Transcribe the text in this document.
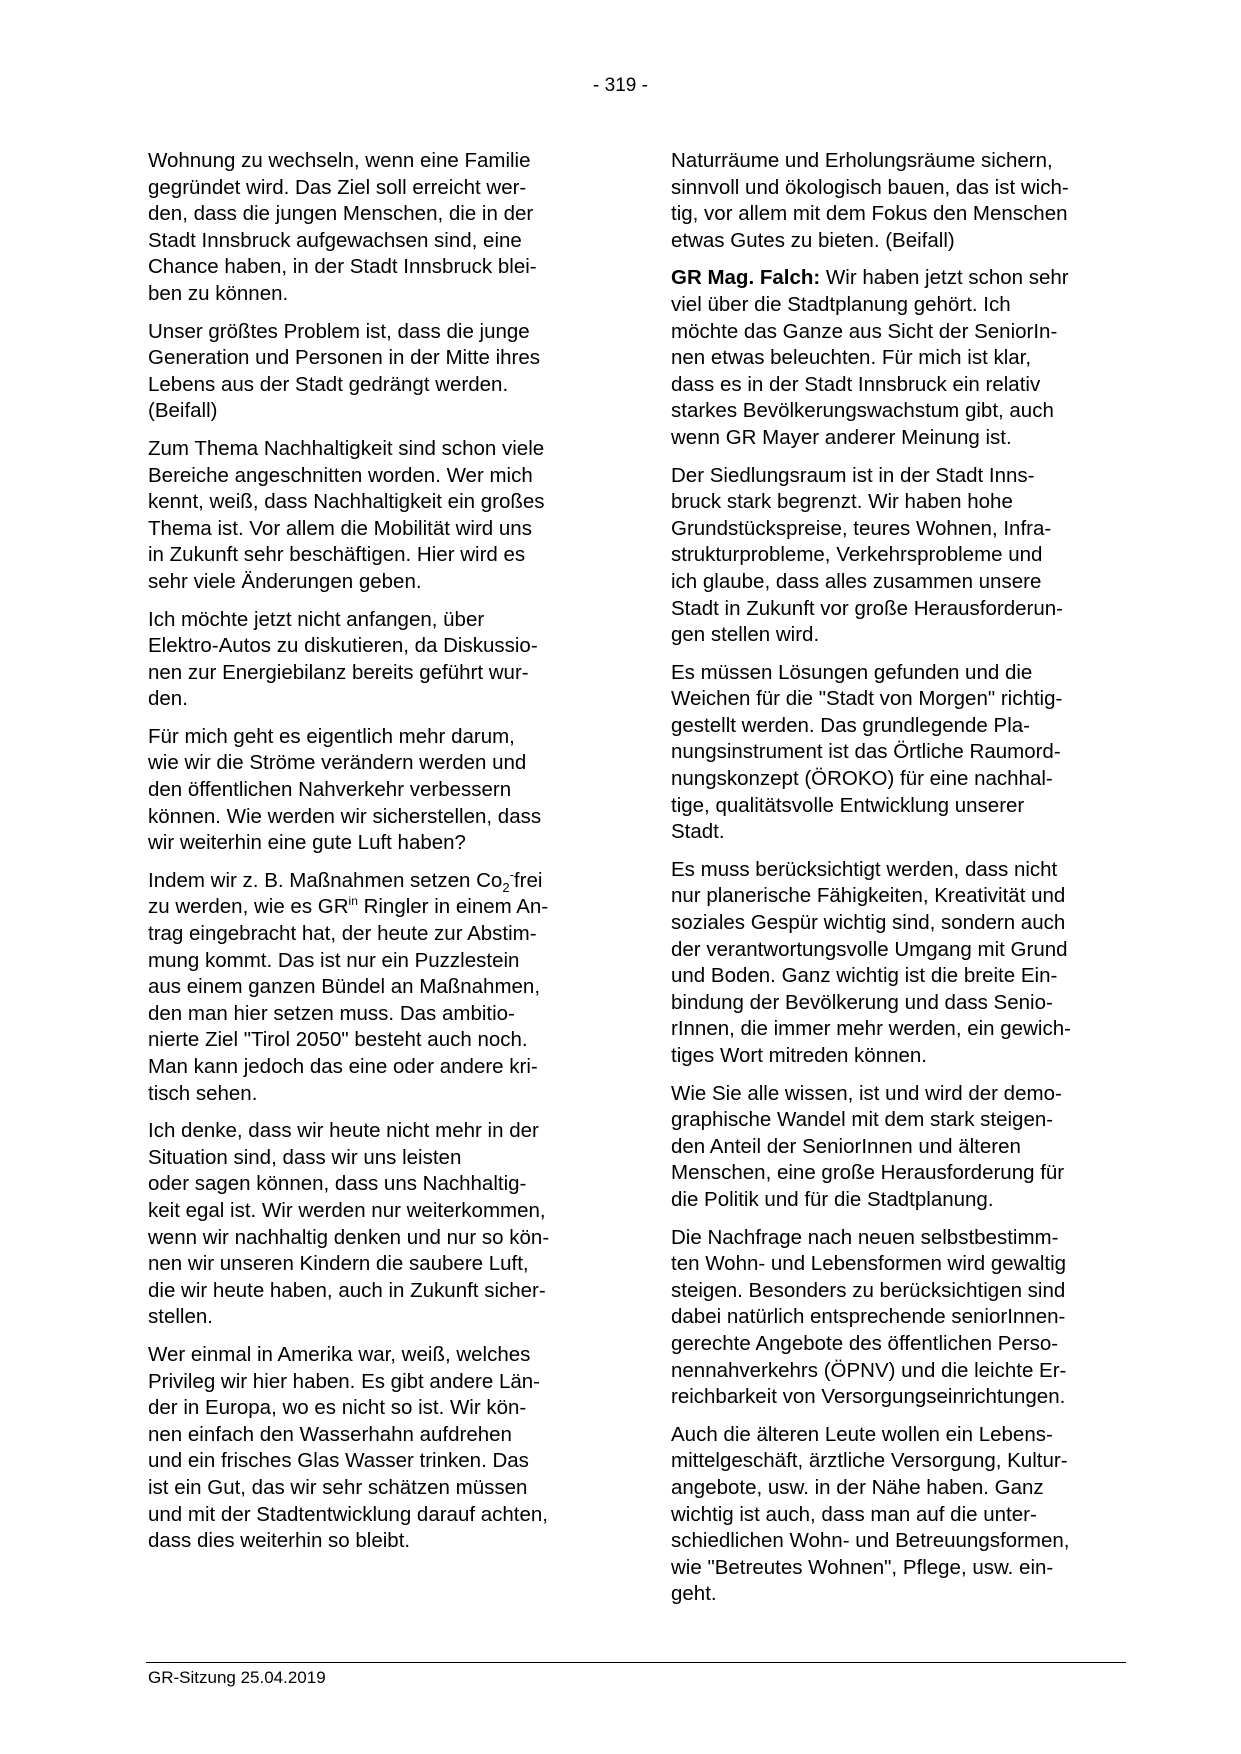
- 319 -

Wohnung zu wechseln, wenn eine Familie
gegründet wird. Das Ziel soll erreicht wer-
den, dass die jungen Menschen, die in der
Stadt Innsbruck aufgewachsen sind, eine
Chance haben, in der Stadt Innsbruck blei-
ben zu können.

Unser größtes Problem ist, dass die junge
Generation und Personen in der Mitte ihres
Lebens aus der Stadt gedrängt werden.
(Beifall)

Zum Thema Nachhaltigkeit sind schon viele
Bereiche angeschnitten worden. Wer mich
kennt, weiß, dass Nachhaltigkeit ein großes
Thema ist. Vor allem die Mobilität wird uns
in Zukunft sehr beschäftigen. Hier wird es
sehr viele Änderungen geben.

Ich möchte jetzt nicht anfangen, über
Elektro-Autos zu diskutieren, da Diskussio-
nen zur Energiebilanz bereits geführt wur-
den.

Für mich geht es eigentlich mehr darum,
wie wir die Ströme verändern werden und
den öffentlichen Nahverkehr verbessern
können. Wie werden wir sicherstellen, dass
wir weiterhin eine gute Luft haben?

Indem wir z. B. Maßnahmen setzen $Co_2^-frei$
zu werden, wie es $GR^{in}$ Ringler in einem An-
trag eingebracht hat, der heute zur Abstim-
mung kommt. Das ist nur ein Puzzlestein
aus einem ganzen Bündel an Maßnahmen,
den man hier setzen muss. Das ambitio-
nierte Ziel "Tirol 2050" besteht auch noch.
Man kann jedoch das eine oder andere kri-
tisch sehen.

Ich denke, dass wir heute nicht mehr in der
Situation sind, dass wir uns leisten
oder sagen können, dass uns Nachhaltig-
keit egal ist. Wir werden nur weiterkommen,
wenn wir nachhaltig denken und nur so kön-
nen wir unseren Kindern die saubere Luft,
die wir heute haben, auch in Zukunft sicher-
stellen.

Wer einmal in Amerika war, weiß, welches
Privileg wir hier haben. Es gibt andere Län-
der in Europa, wo es nicht so ist. Wir kön-
nen einfach den Wasserhahn aufdrehen
und ein frisches Glas Wasser trinken. Das
ist ein Gut, das wir sehr schätzen müssen
und mit der Stadtentwicklung darauf achten,
dass dies weiterhin so bleibt.

Naturräume und Erholungsräume sichern,
sinnvoll und ökologisch bauen, das ist wich-
tig, vor allem mit dem Fokus den Menschen
etwas Gutes zu bieten. (Beifall)

GR Mag. Falch: Wir haben jetzt schon sehr
viel über die Stadtplanung gehört. Ich
möchte das Ganze aus Sicht der SeniorIn-
nen etwas beleuchten. Für mich ist klar,
dass es in der Stadt Innsbruck ein relativ
starkes Bevölkerungswachstum gibt, auch
wenn GR Mayer anderer Meinung ist.

Der Siedlungsraum ist in der Stadt Inns-
bruck stark begrenzt. Wir haben hohe
Grundstückspreise, teures Wohnen, Infra-
strukturprobleme, Verkehrsprobleme und
ich glaube, dass alles zusammen unsere
Stadt in Zukunft vor große Herausforderun-
gen stellen wird.

Es müssen Lösungen gefunden und die
Weichen für die "Stadt von Morgen" richtig-
gestellt werden. Das grundlegende Pla-
nungsinstrument ist das Örtliche Raumord-
nungskonzept (ÖROKO) für eine nachhal-
tige, qualitätsvolle Entwicklung unserer
Stadt.

Es muss berücksichtigt werden, dass nicht
nur planerische Fähigkeiten, Kreativität und
soziales Gespür wichtig sind, sondern auch
der verantwortungsvolle Umgang mit Grund
und Boden. Ganz wichtig ist die breite Ein-
bindung der Bevölkerung und dass Senio-
rInnen, die immer mehr werden, ein gewich-
tiges Wort mitreden können.

Wie Sie alle wissen, ist und wird der demo-
graphische Wandel mit dem stark steigen-
den Anteil der SeniorInnen und älteren
Menschen, eine große Herausforderung für
die Politik und für die Stadtplanung.

Die Nachfrage nach neuen selbstbestimm-
ten Wohn- und Lebensformen wird gewaltig
steigen. Besonders zu berücksichtigen sind
dabei natürlich entsprechende seniorInnen-
gerechte Angebote des öffentlichen Perso-
nennahverkehrs (ÖPNV) und die leichte Er-
reichbarkeit von Versorgungseinrichtungen.

Auch die älteren Leute wollen ein Lebens-
mittelgeschäft, ärztliche Versorgung, Kultur-
angebote, usw. in der Nähe haben. Ganz
wichtig ist auch, dass man auf die unter-
schiedlichen Wohn- und Betreuungsformen,
wie "Betreutes Wohnen", Pflege, usw. ein-
geht.

GR-Sitzung 25.04.2019
